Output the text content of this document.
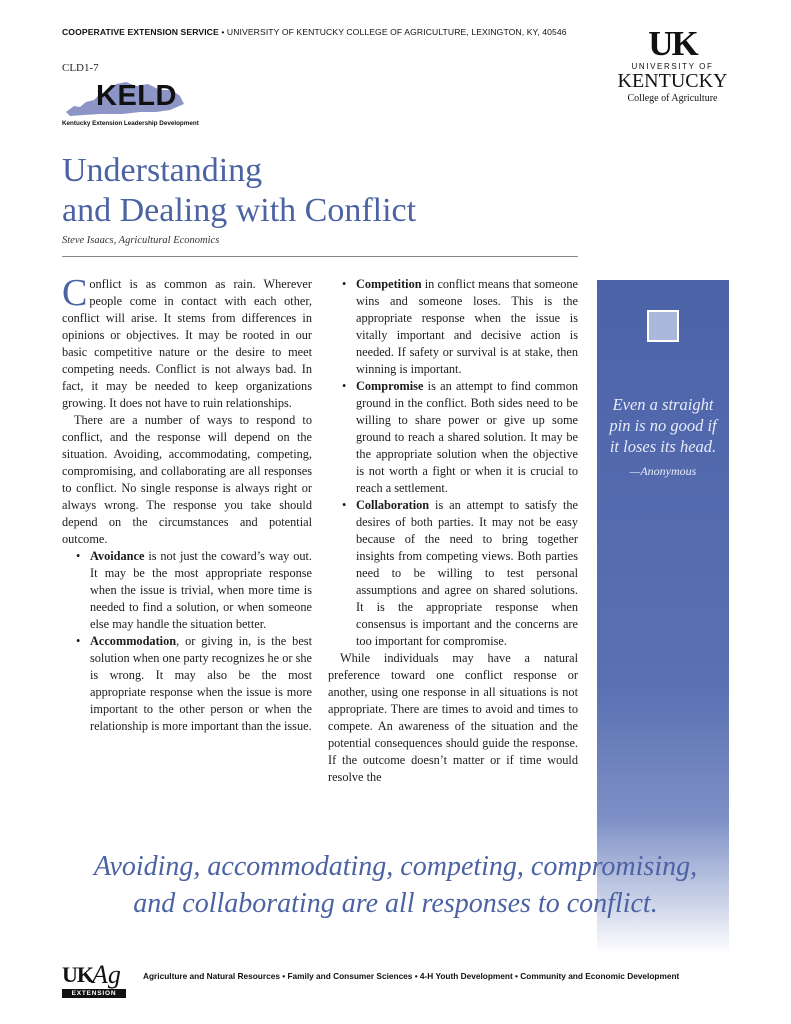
COOPERATIVE EXTENSION SERVICE • UNIVERSITY OF KENTUCKY COLLEGE OF AGRICULTURE, LEXINGTON, KY, 40546
CLD1-7
KELD
Kentucky Extension Leadership Development
UK
UNIVERSITY OF
KENTUCKY
College of Agriculture
Understanding
and Dealing with Conflict
Steve Isaacs, Agricultural Economics

Conflict is as common as rain. Wherever people come in contact with each other, conflict will arise. It stems from differences in opinions or objectives. It may be rooted in our basic competitive nature or the desire to meet competing needs. Conflict is not always bad. In fact, it may be needed to keep organizations growing. It does not have to ruin relationships.

There are a number of ways to respond to conflict, and the response will depend on the situation. Avoiding, accommodating, competing, compromising, and collaborating are all responses to conflict. No single response is always right or always wrong. The response you take should depend on the circumstances and potential outcome.

• Avoidance is not just the coward’s way out. It may be the most appropriate response when the issue is trivial, when more time is needed to find a solution, or when someone else may handle the situation better.
• Accommodation, or giving in, is the best solution when one party recognizes he or she is wrong. It may also be the most appropriate response when the issue is more important to the other person or when the relationship is more important than the issue.
• Competition in conflict means that someone wins and someone loses. This is the appropriate response when the issue is vitally important and decisive action is needed. If safety or survival is at stake, then winning is important.
• Compromise is an attempt to find common ground in the conflict. Both sides need to be willing to share power or give up some ground to reach a shared solution. It may be the appropriate solution when the objective is not worth a fight or when it is crucial to reach a settlement.
• Collaboration is an attempt to satisfy the desires of both parties. It may not be easy because of the need to bring together insights from competing views. Both parties need to be willing to test personal assumptions and agree on shared solutions. It is the appropriate response when consensus is important and the concerns are too important for compromise.

While individuals may have a natural preference toward one conflict response or another, using one response in all situations is not appropriate. There are times to avoid and times to compete. An awareness of the situation and the potential consequences should guide the response. If the outcome doesn’t matter or if time would resolve the

Even a straight pin is no good if it loses its head.
—Anonymous
Avoiding, accommodating, competing, compromising,
and collaborating are all responses to conflict.
UK Ag
EXTENSION
Agriculture and Natural Resources • Family and Consumer Sciences • 4-H Youth Development • Community and Economic Development
